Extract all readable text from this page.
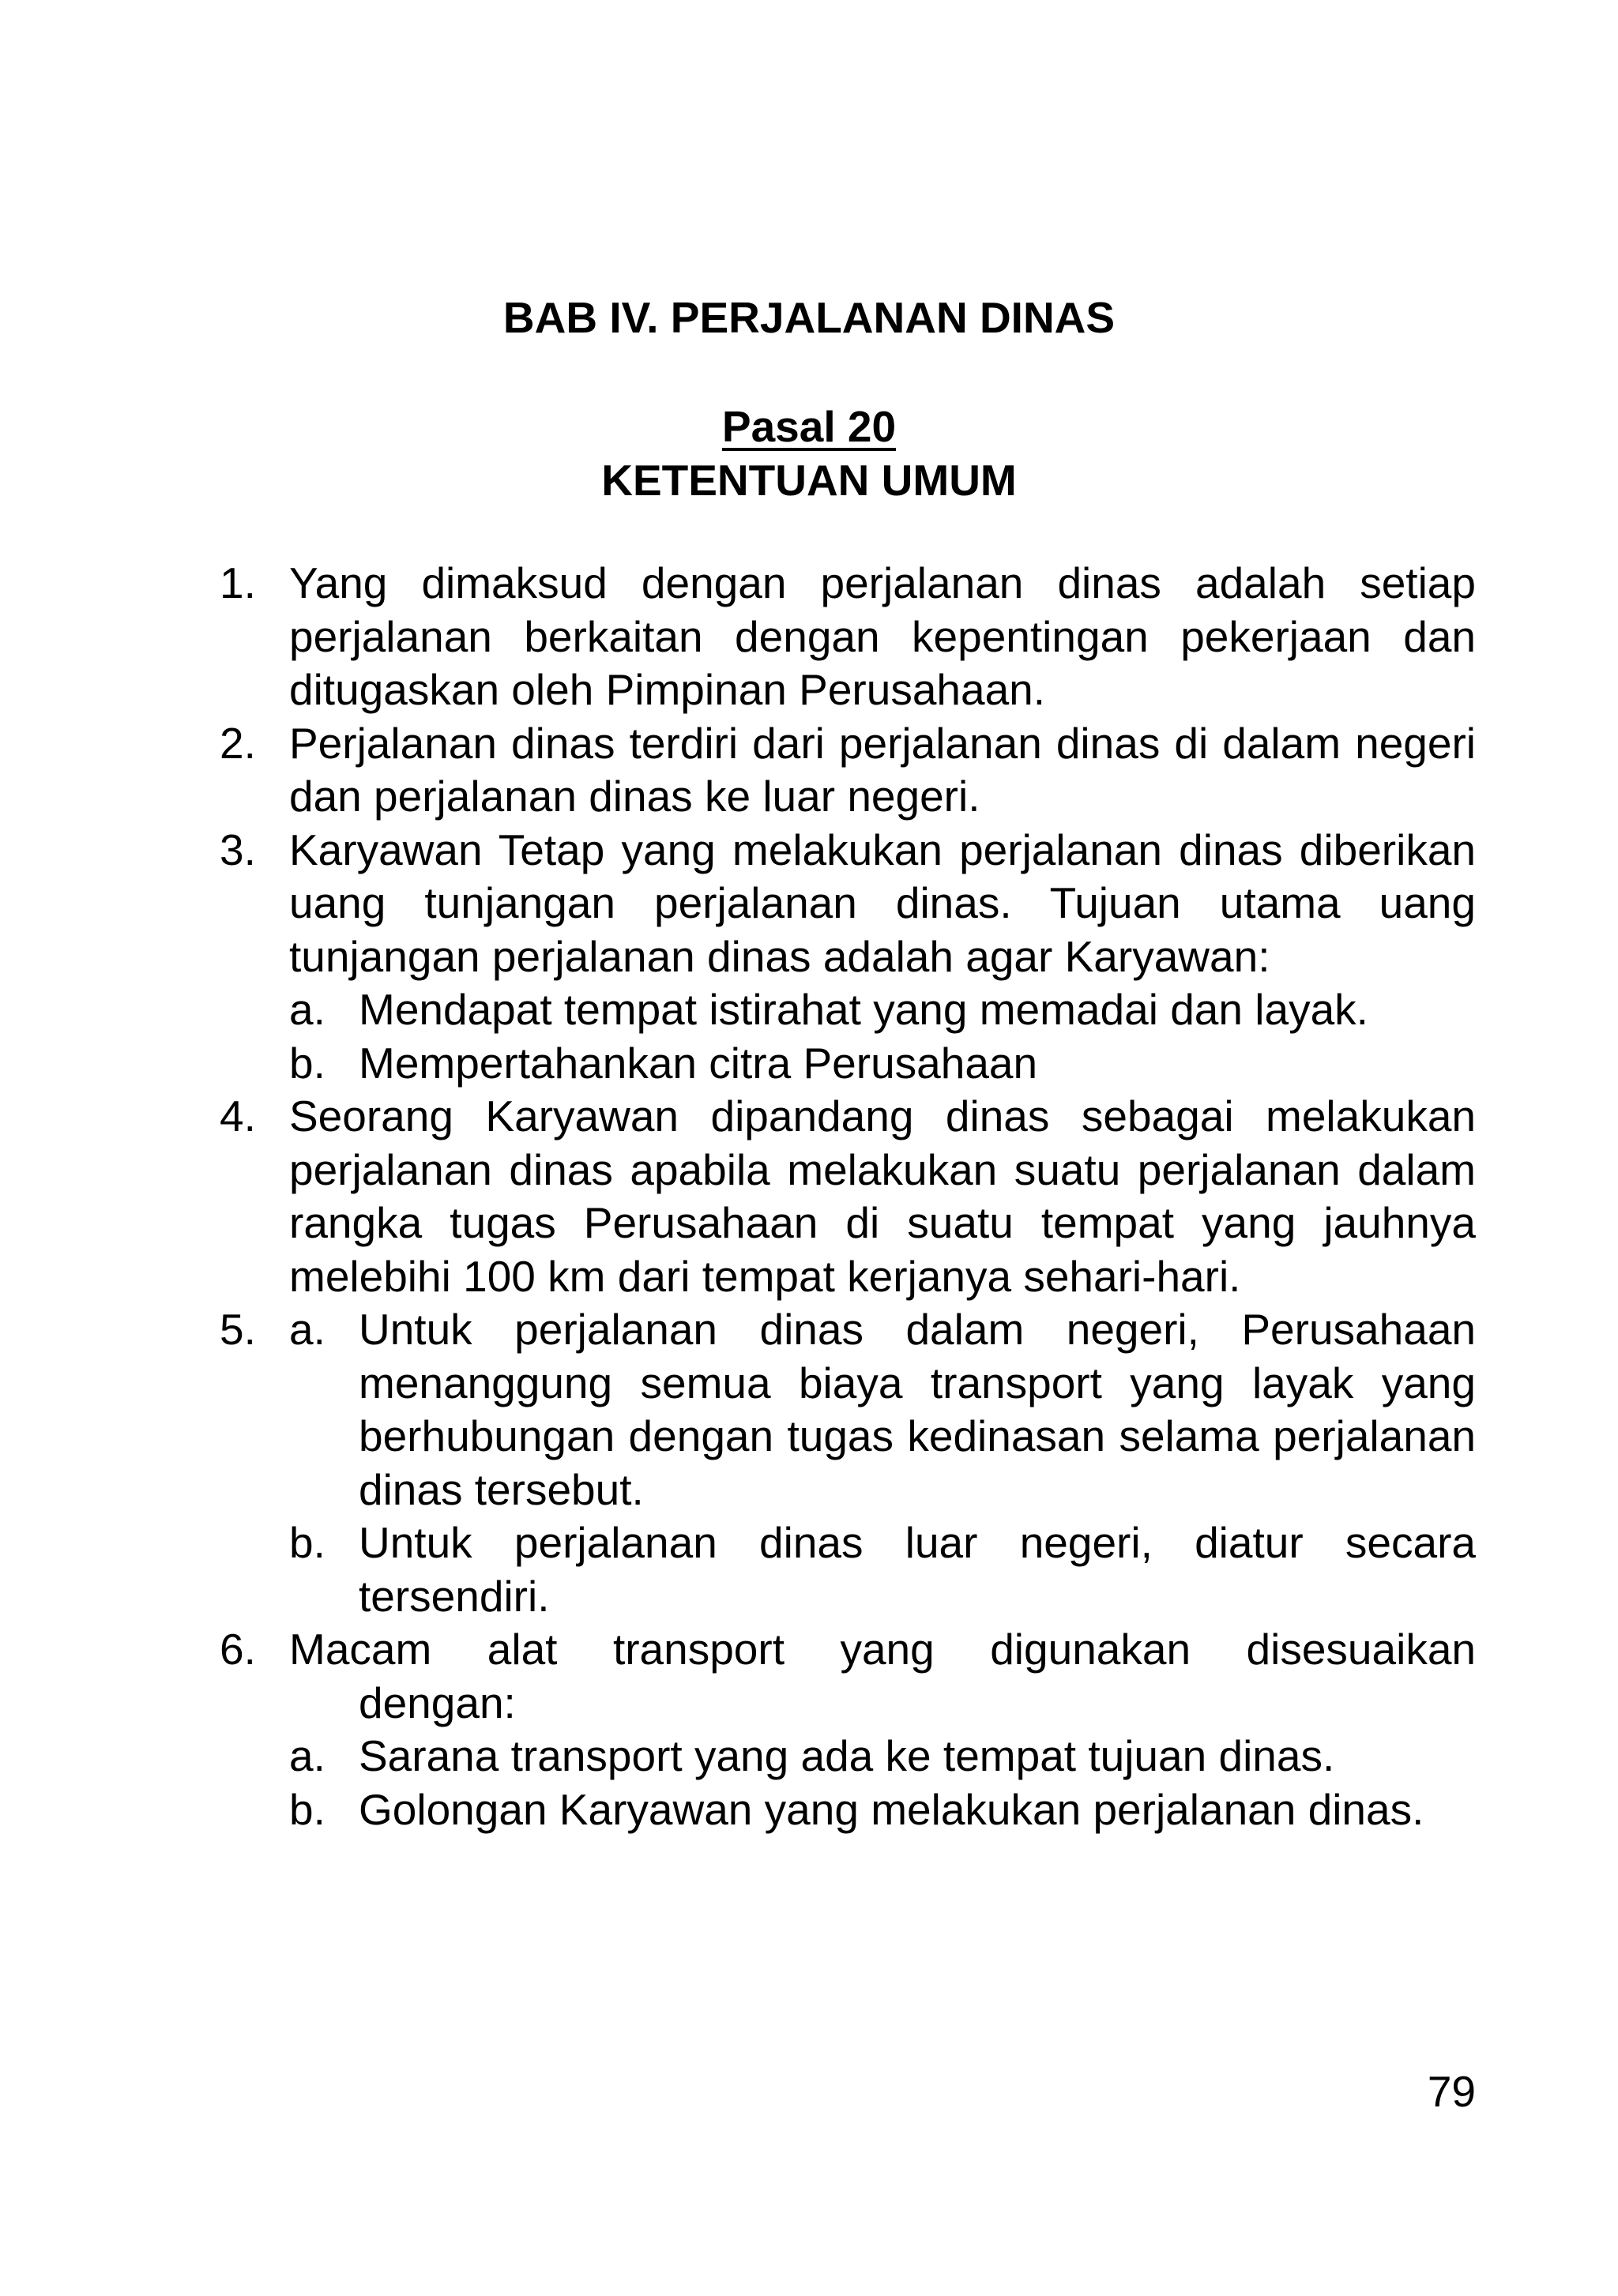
BAB IV. PERJALANAN DINAS
Pasal 20
KETENTUAN UMUM
1. Yang dimaksud dengan perjalanan dinas adalah setiap perjalanan berkaitan dengan kepentingan pekerjaan dan ditugaskan oleh Pimpinan Perusahaan.
2. Perjalanan dinas terdiri dari perjalanan dinas di dalam negeri dan perjalanan dinas ke luar negeri.
3. Karyawan Tetap yang melakukan perjalanan dinas diberikan uang tunjangan perjalanan dinas. Tujuan utama uang tunjangan perjalanan dinas adalah agar Karyawan:
a. Mendapat tempat istirahat yang memadai dan layak.
b. Mempertahankan citra Perusahaan
4. Seorang Karyawan dipandang dinas sebagai melakukan perjalanan dinas apabila melakukan suatu perjalanan dalam rangka tugas Perusahaan di suatu tempat yang jauhnya melebihi 100 km dari tempat kerjanya sehari-hari.
5. a. Untuk perjalanan dinas dalam negeri, Perusahaan menanggung semua biaya transport yang layak yang berhubungan dengan tugas kedinasan selama perjalanan dinas tersebut.
b. Untuk perjalanan dinas luar negeri, diatur secara tersendiri.
6. Macam alat transport yang digunakan disesuaikan
dengan:
a. Sarana transport yang ada ke tempat tujuan dinas.
b. Golongan Karyawan yang melakukan perjalanan dinas.
79
